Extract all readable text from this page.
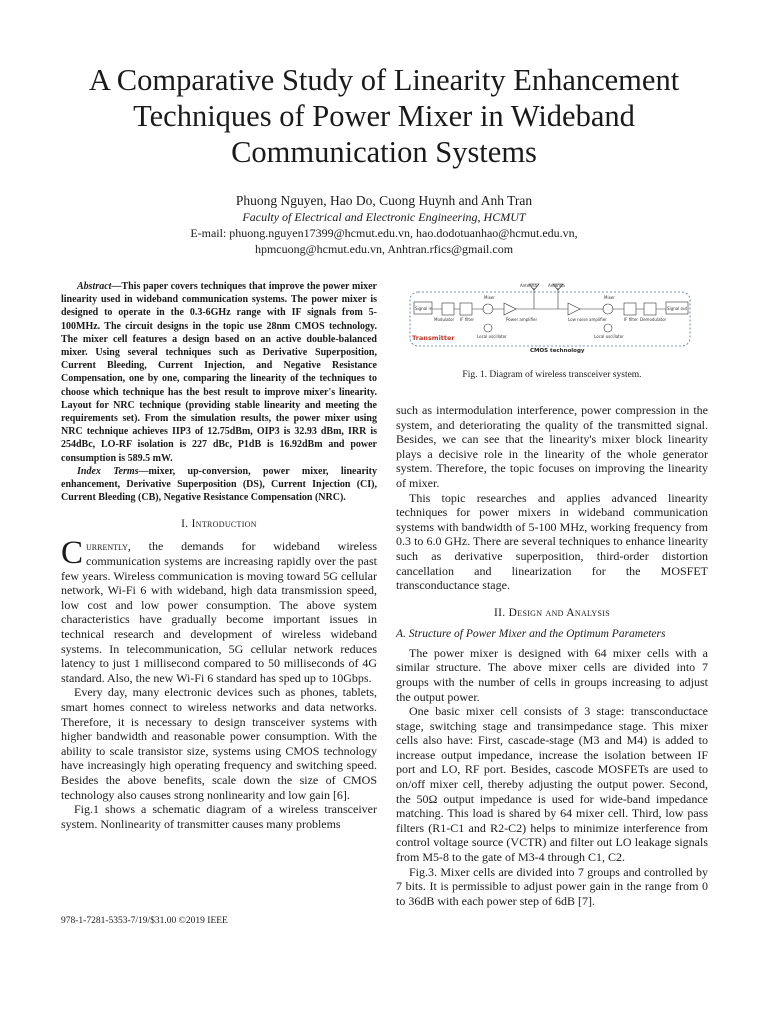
A Comparative Study of Linearity Enhancement
Techniques of Power Mixer in Wideband
Communication Systems
Phuong Nguyen, Hao Do, Cuong Huynh and Anh Tran
Faculty of Electrical and Electronic Engineering, HCMUT
E-mail: phuong.nguyen17399@hcmut.edu.vn, hao.dodotuanhao@hcmut.edu.vn,
hpmcuong@hcmut.edu.vn, Anhtran.rfics@gmail.com

Abstract—This paper covers techniques that improve the power mixer linearity used in wideband communication systems. The power mixer is designed to operate in the 0.3-6GHz range with IF signals from 5-100MHz. The circuit designs in the topic use 28nm CMOS technology. The mixer cell features a design based on an active double-balanced mixer. Using several techniques such as Derivative Superposition, Current Bleeding, Current Injection, and Negative Resistance Compensation, one by one, comparing the linearity of the techniques to choose which technique has the best result to improve mixer's linearity. Layout for NRC technique (providing stable linearity and meeting the requirements set). From the simulation results, the power mixer using NRC technique achieves IIP3 of 12.75dBm, OIP3 is 32.93 dBm, IRR is 254dBc, LO-RF isolation is 227 dBc, P1dB is 16.92dBm and power consumption is 589.5 mW.

Index Terms—mixer, up-conversion, power mixer, linearity enhancement, Derivative Superposition (DS), Current Injection (CI), Current Bleeding (CB), Negative Resistance Compensation (NRC).

I. Introduction

Currently, the demands for wideband wireless communication systems are increasing rapidly over the past few years. Wireless communication is moving toward 5G cellular network, Wi-Fi 6 with wideband, high data transmission speed, low cost and low power consumption. The above system characteristics have gradually become important issues in technical research and development of wireless wideband systems. In telecommunication, 5G cellular network reduces latency to just 1 millisecond compared to 50 milliseconds of 4G standard. Also, the new Wi-Fi 6 standard has sped up to 10Gbps.

Every day, many electronic devices such as phones, tablets, smart homes connect to wireless networks and data networks. Therefore, it is necessary to design transceiver systems with higher bandwidth and reasonable power consumption. With the ability to scale transistor size, systems using CMOS technology have increasingly high operating frequency and switching speed. Besides the above benefits, scale down the size of CMOS technology also causes strong nonlinearity and low gain [6].

Fig.1 shows a schematic diagram of a wireless transceiver system. Nonlinearity of transmitter causes many problems

978-1-7281-5353-7/19/$31.00 ©2019 IEEE
Antenna	Antenna
Signal in
Modulator IF filter
Mixer
Power amplifier
Local oscillator
Mixer
Low noise amplifier	IF filter Demodulator
Signal out
Local oscillator
Transmitter
CMOS technology
Fig. 1. Diagram of wireless transceiver system.

such as intermodulation interference, power compression in the system, and deteriorating the quality of the transmitted signal. Besides, we can see that the linearity's mixer block linearity plays a decisive role in the linearity of the whole generator system. Therefore, the topic focuses on improving the linearity of mixer.

This topic researches and applies advanced linearity techniques for power mixers in wideband communication systems with bandwidth of 5-100 MHz, working frequency from 0.3 to 6.0 GHz. There are several techniques to enhance linearity such as derivative superposition, third-order distortion cancellation and linearization for the MOSFET transconductance stage.

II. Design and Analysis
A. Structure of Power Mixer and the Optimum Parameters

The power mixer is designed with 64 mixer cells with a similar structure. The above mixer cells are divided into 7 groups with the number of cells in groups increasing to adjust the output power.

One basic mixer cell consists of 3 stage: transconductace stage, switching stage and transimpedance stage. This mixer cells also have: First, cascade-stage (M3 and M4) is added to increase output impedance, increase the isolation between IF port and LO, RF port. Besides, cascode MOSFETs are used to on/off mixer cell, thereby adjusting the output power. Second, the 50Ω output impedance is used for wide-band impedance matching. This load is shared by 64 mixer cell. Third, low pass filters (R1-C1 and R2-C2) helps to minimize interference from control voltage source (VCTR) and filter out LO leakage signals from M5-8 to the gate of M3-4 through C1, C2.

Fig.3. Mixer cells are divided into 7 groups and controlled by 7 bits. It is permissible to adjust power gain in the range from 0 to 36dB with each power step of 6dB [7].
